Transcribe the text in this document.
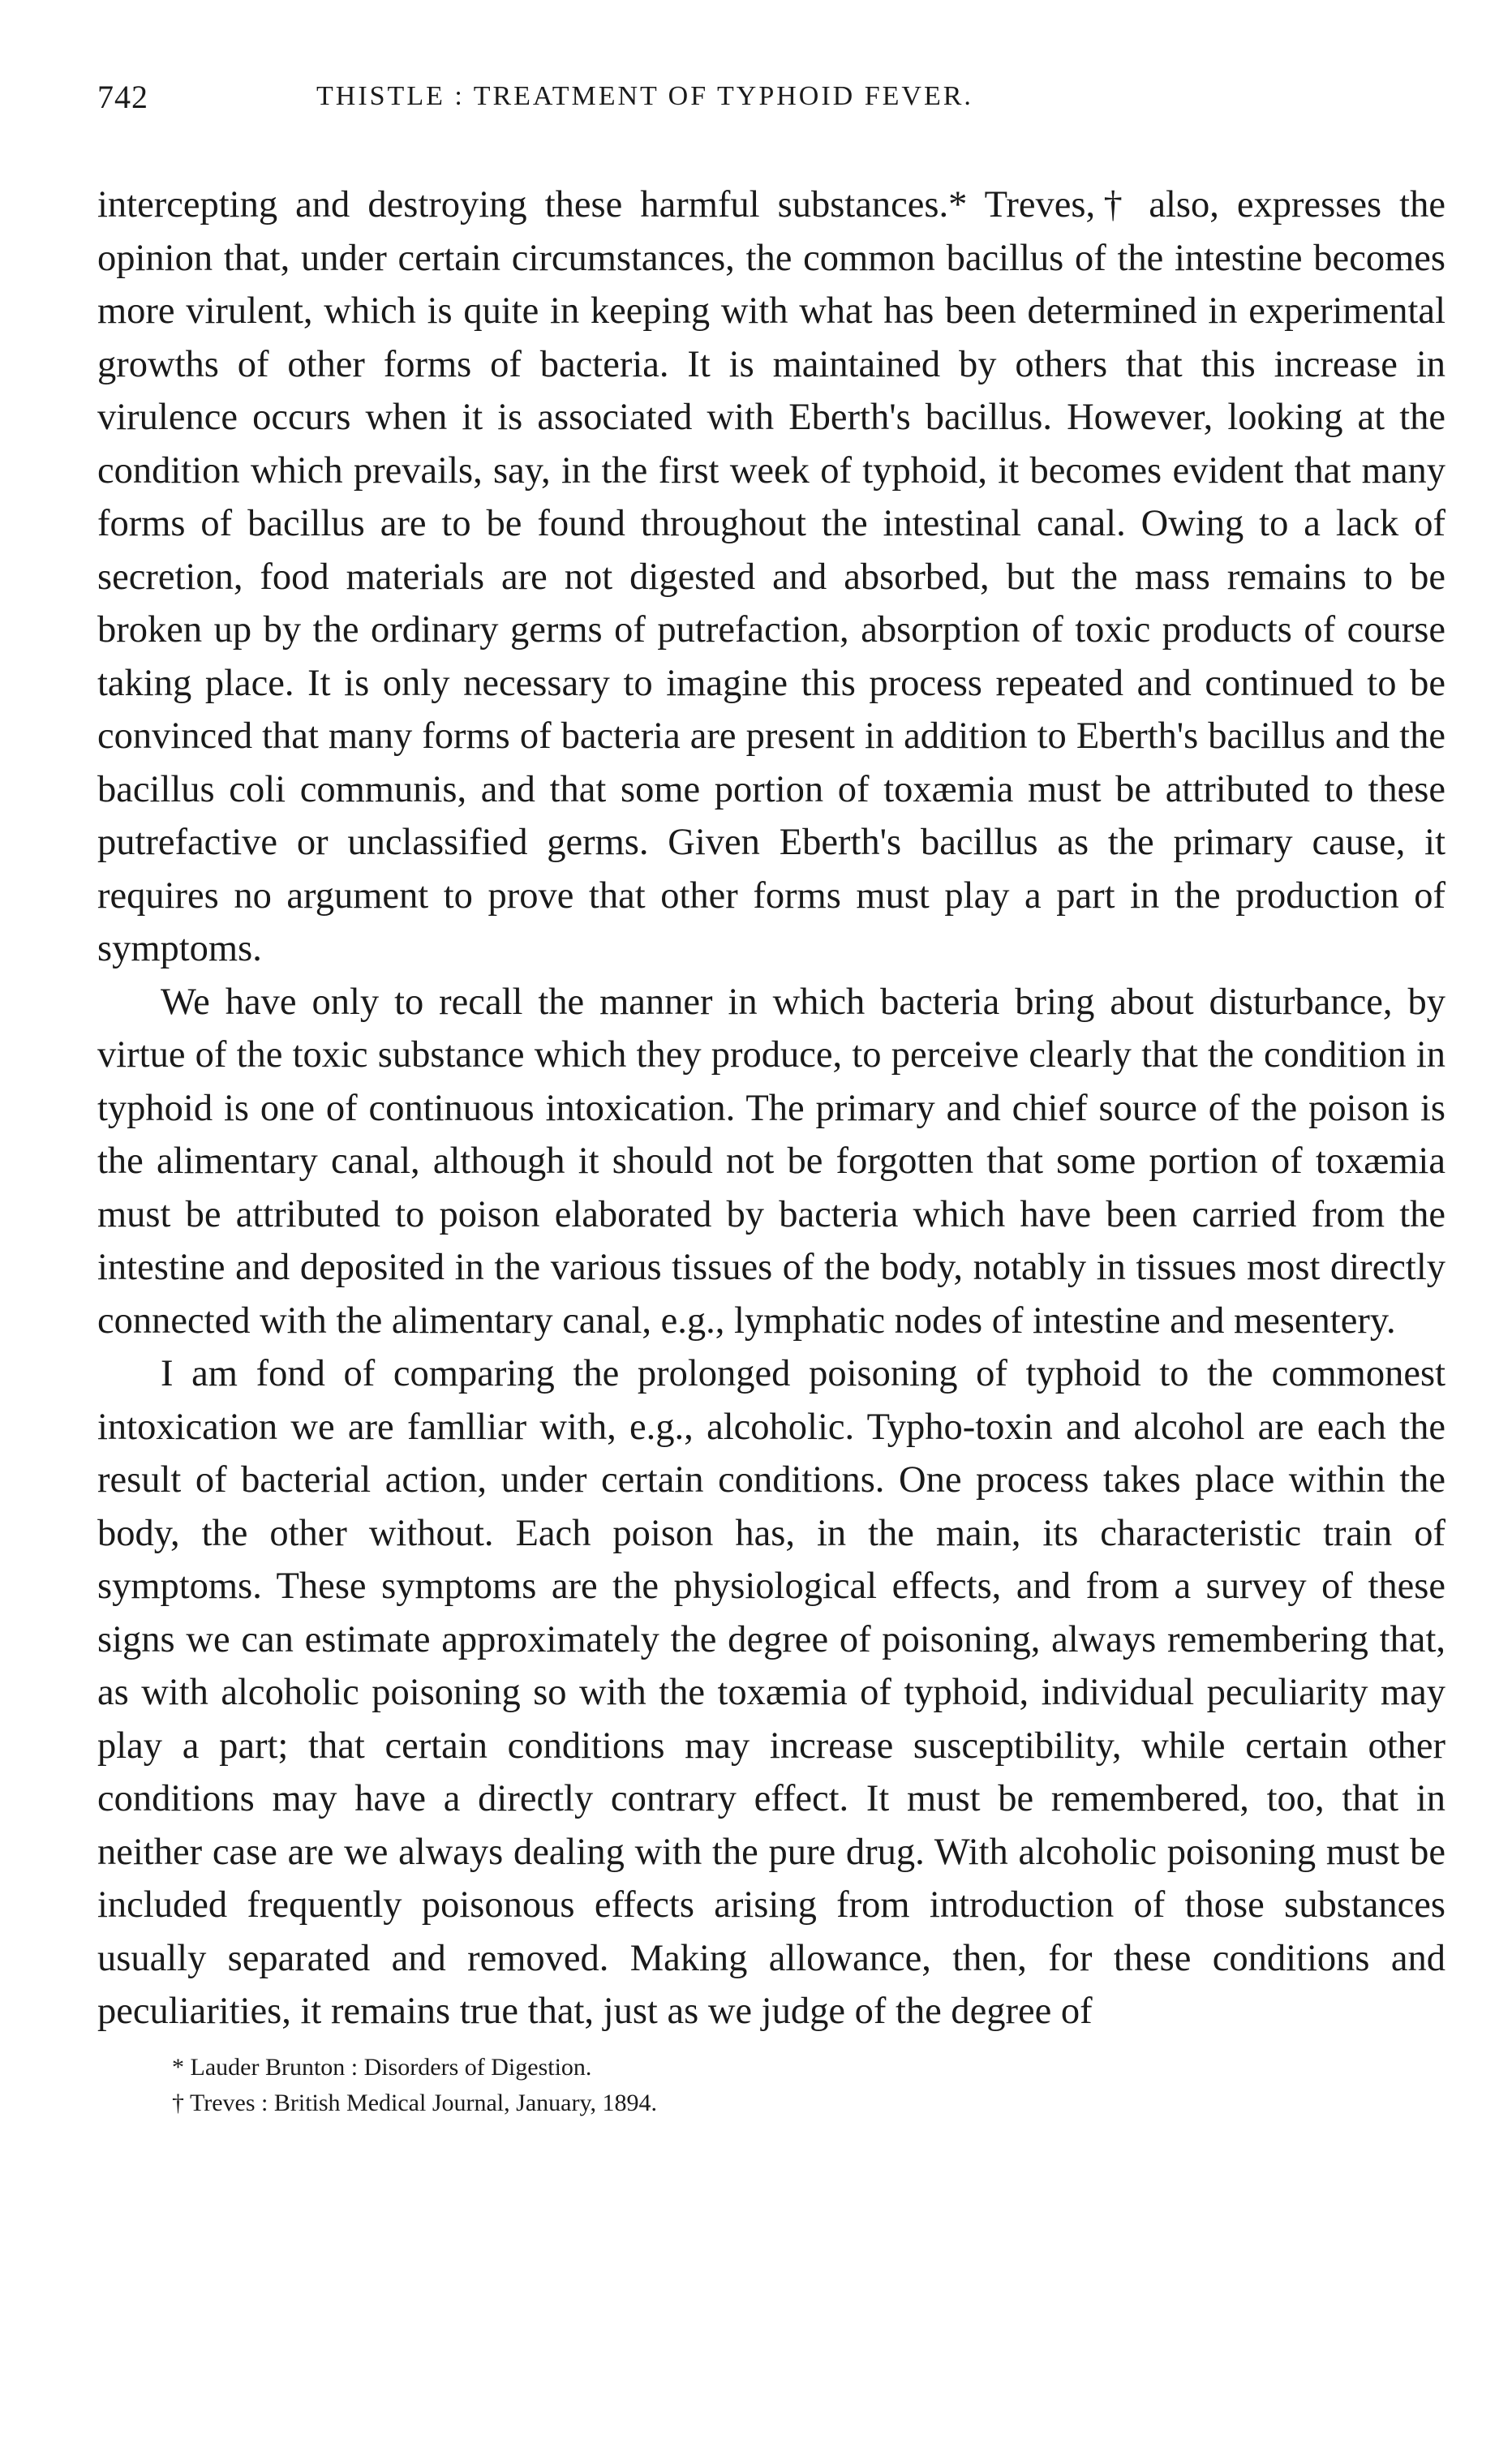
742	THISTLE : TREATMENT OF TYPHOID FEVER.

intercepting and destroying these harmful substances.* Treves,† also, expresses the opinion that, under certain circumstances, the common bacillus of the intestine becomes more virulent, which is quite in keeping with what has been determined in experimental growths of other forms of bacteria. It is maintained by others that this increase in virulence occurs when it is associated with Eberth's bacillus. However, looking at the condition which prevails, say, in the first week of typhoid, it becomes evident that many forms of bacillus are to be found throughout the intestinal canal. Owing to a lack of secretion, food materials are not digested and absorbed, but the mass remains to be broken up by the ordinary germs of putrefaction, absorption of toxic products of course taking place. It is only necessary to imagine this process repeated and continued to be convinced that many forms of bacteria are present in addition to Eberth's bacillus and the bacillus coli communis, and that some portion of toxæmia must be attributed to these putrefactive or unclassified germs. Given Eberth's bacillus as the primary cause, it requires no argument to prove that other forms must play a part in the production of symptoms.

We have only to recall the manner in which bacteria bring about disturbance, by virtue of the toxic substance which they produce, to perceive clearly that the condition in typhoid is one of continuous intoxication. The primary and chief source of the poison is the alimentary canal, although it should not be forgotten that some portion of toxæmia must be attributed to poison elaborated by bacteria which have been carried from the intestine and deposited in the various tissues of the body, notably in tissues most directly connected with the alimentary canal, e.g., lymphatic nodes of intestine and mesentery.

I am fond of comparing the prolonged poisoning of typhoid to the commonest intoxication we are famlliar with, e.g., alcoholic. Typho-toxin and alcohol are each the result of bacterial action, under certain conditions. One process takes place within the body, the other without. Each poison has, in the main, its characteristic train of symptoms. These symptoms are the physiological effects, and from a survey of these signs we can estimate approximately the degree of poisoning, always remembering that, as with alcoholic poisoning so with the toxæmia of typhoid, individual peculiarity may play a part; that certain conditions may increase susceptibility, while certain other conditions may have a directly contrary effect. It must be remembered, too, that in neither case are we always dealing with the pure drug. With alcoholic poisoning must be included frequently poisonous effects arising from introduction of those substances usually separated and removed. Making allowance, then, for these conditions and peculiarities, it remains true that, just as we judge of the degree of

* Lauder Brunton : Disorders of Digestion.

† Treves : British Medical Journal, January, 1894.
